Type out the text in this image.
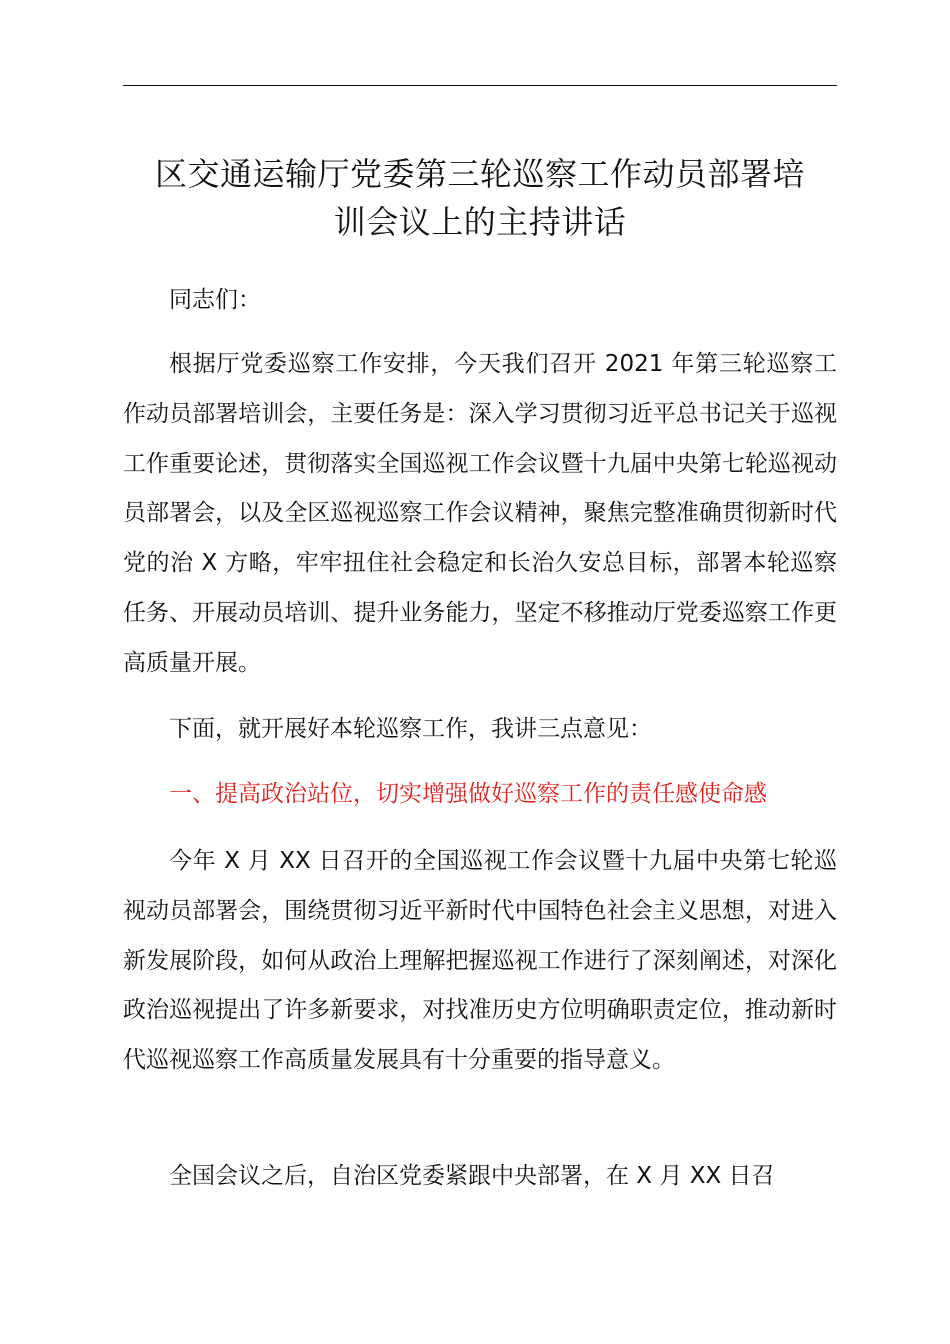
区交通运输厅党委第三轮巡察工作动员部署培
训会议上的主持讲话

同志们：

根据厅党委巡察工作安排，今天我们召开 2021 年第三轮巡察工作动员部署培训会，主要任务是：深入学习贯彻习近平总书记关于巡视工作重要论述，贯彻落实全国巡视工作会议暨十九届中央第七轮巡视动员部署会，以及全区巡视巡察工作会议精神，聚焦完整准确贯彻新时代党的治 X 方略，牢牢扭住社会稳定和长治久安总目标，部署本轮巡察任务、开展动员培训、提升业务能力，坚定不移推动厅党委巡察工作更高质量开展。

下面，就开展好本轮巡察工作，我讲三点意见：

一、提高政治站位，切实增强做好巡察工作的责任感使命感

今年 X 月 XX 日召开的全国巡视工作会议暨十九届中央第七轮巡视动员部署会，围绕贯彻习近平新时代中国特色社会主义思想，对进入新发展阶段，如何从政治上理解把握巡视工作进行了深刻阐述，对深化政治巡视提出了许多新要求，对找准历史方位明确职责定位，推动新时代巡视巡察工作高质量发展具有十分重要的指导意义。

全国会议之后，自治区党委紧跟中央部署，在 X 月 XX 日召
